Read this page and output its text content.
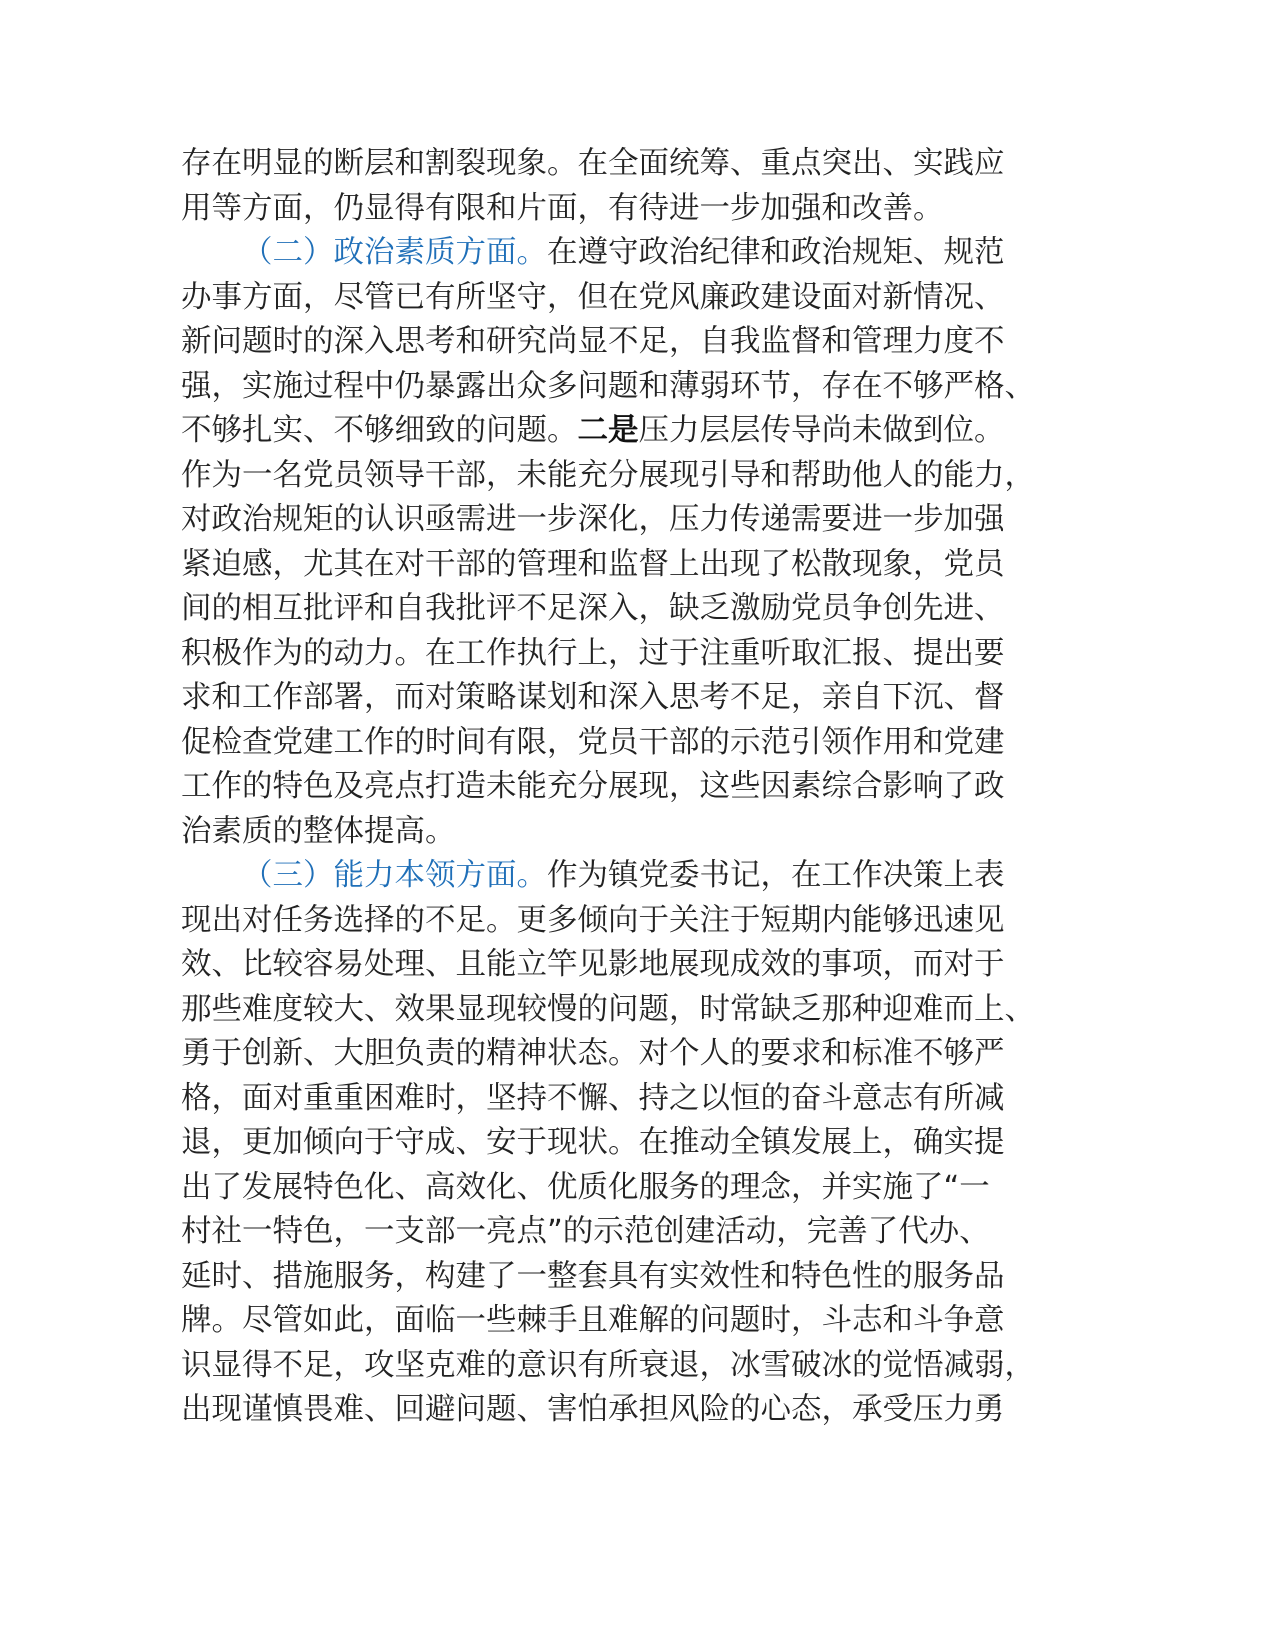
存在明显的断层和割裂现象。在全面统筹、重点突出、实践应
用等方面，仍显得有限和片面，有待进一步加强和改善。
（二）政治素质方面。在遵守政治纪律和政治规矩、规范
办事方面，尽管已有所坚守，但在党风廉政建设面对新情况、
新问题时的深入思考和研究尚显不足，自我监督和管理力度不
强，实施过程中仍暴露出众多问题和薄弱环节，存在不够严格、
不够扎实、不够细致的问题。二是压力层层传导尚未做到位。
作为一名党员领导干部，未能充分展现引导和帮助他人的能力，
对政治规矩的认识亟需进一步深化，压力传递需要进一步加强
紧迫感，尤其在对干部的管理和监督上出现了松散现象，党员
间的相互批评和自我批评不足深入，缺乏激励党员争创先进、
积极作为的动力。在工作执行上，过于注重听取汇报、提出要
求和工作部署，而对策略谋划和深入思考不足，亲自下沉、督
促检查党建工作的时间有限，党员干部的示范引领作用和党建
工作的特色及亮点打造未能充分展现，这些因素综合影响了政
治素质的整体提高。
（三）能力本领方面。作为镇党委书记，在工作决策上表
现出对任务选择的不足。更多倾向于关注于短期内能够迅速见
效、比较容易处理、且能立竿见影地展现成效的事项，而对于
那些难度较大、效果显现较慢的问题，时常缺乏那种迎难而上、
勇于创新、大胆负责的精神状态。对个人的要求和标准不够严
格，面对重重困难时，坚持不懈、持之以恒的奋斗意志有所减
退，更加倾向于守成、安于现状。在推动全镇发展上，确实提
出了发展特色化、高效化、优质化服务的理念，并实施了“一
村社一特色，一支部一亮点”的示范创建活动，完善了代办、
延时、措施服务，构建了一整套具有实效性和特色性的服务品
牌。尽管如此，面临一些棘手且难解的问题时，斗志和斗争意
识显得不足，攻坚克难的意识有所衰退，冰雪破冰的觉悟减弱，
出现谨慎畏难、回避问题、害怕承担风险的心态，承受压力勇
